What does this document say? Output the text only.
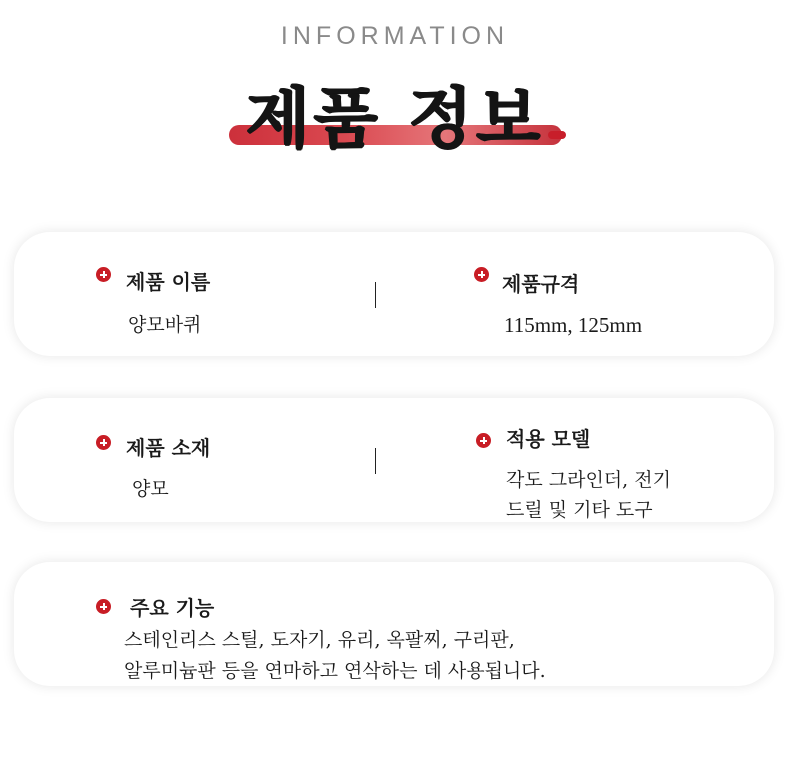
INFORMATION
제품 정보
제품 이름
양모바퀴
제품규격
115mm, 125mm
제품 소재
양모
적용 모델
각도 그라인더, 전기
드릴 및 기타 도구
주요 기능
스테인리스 스틸, 도자기, 유리, 옥팔찌, 구리판,
알루미늄판 등을 연마하고 연삭하는 데 사용됩니다.
